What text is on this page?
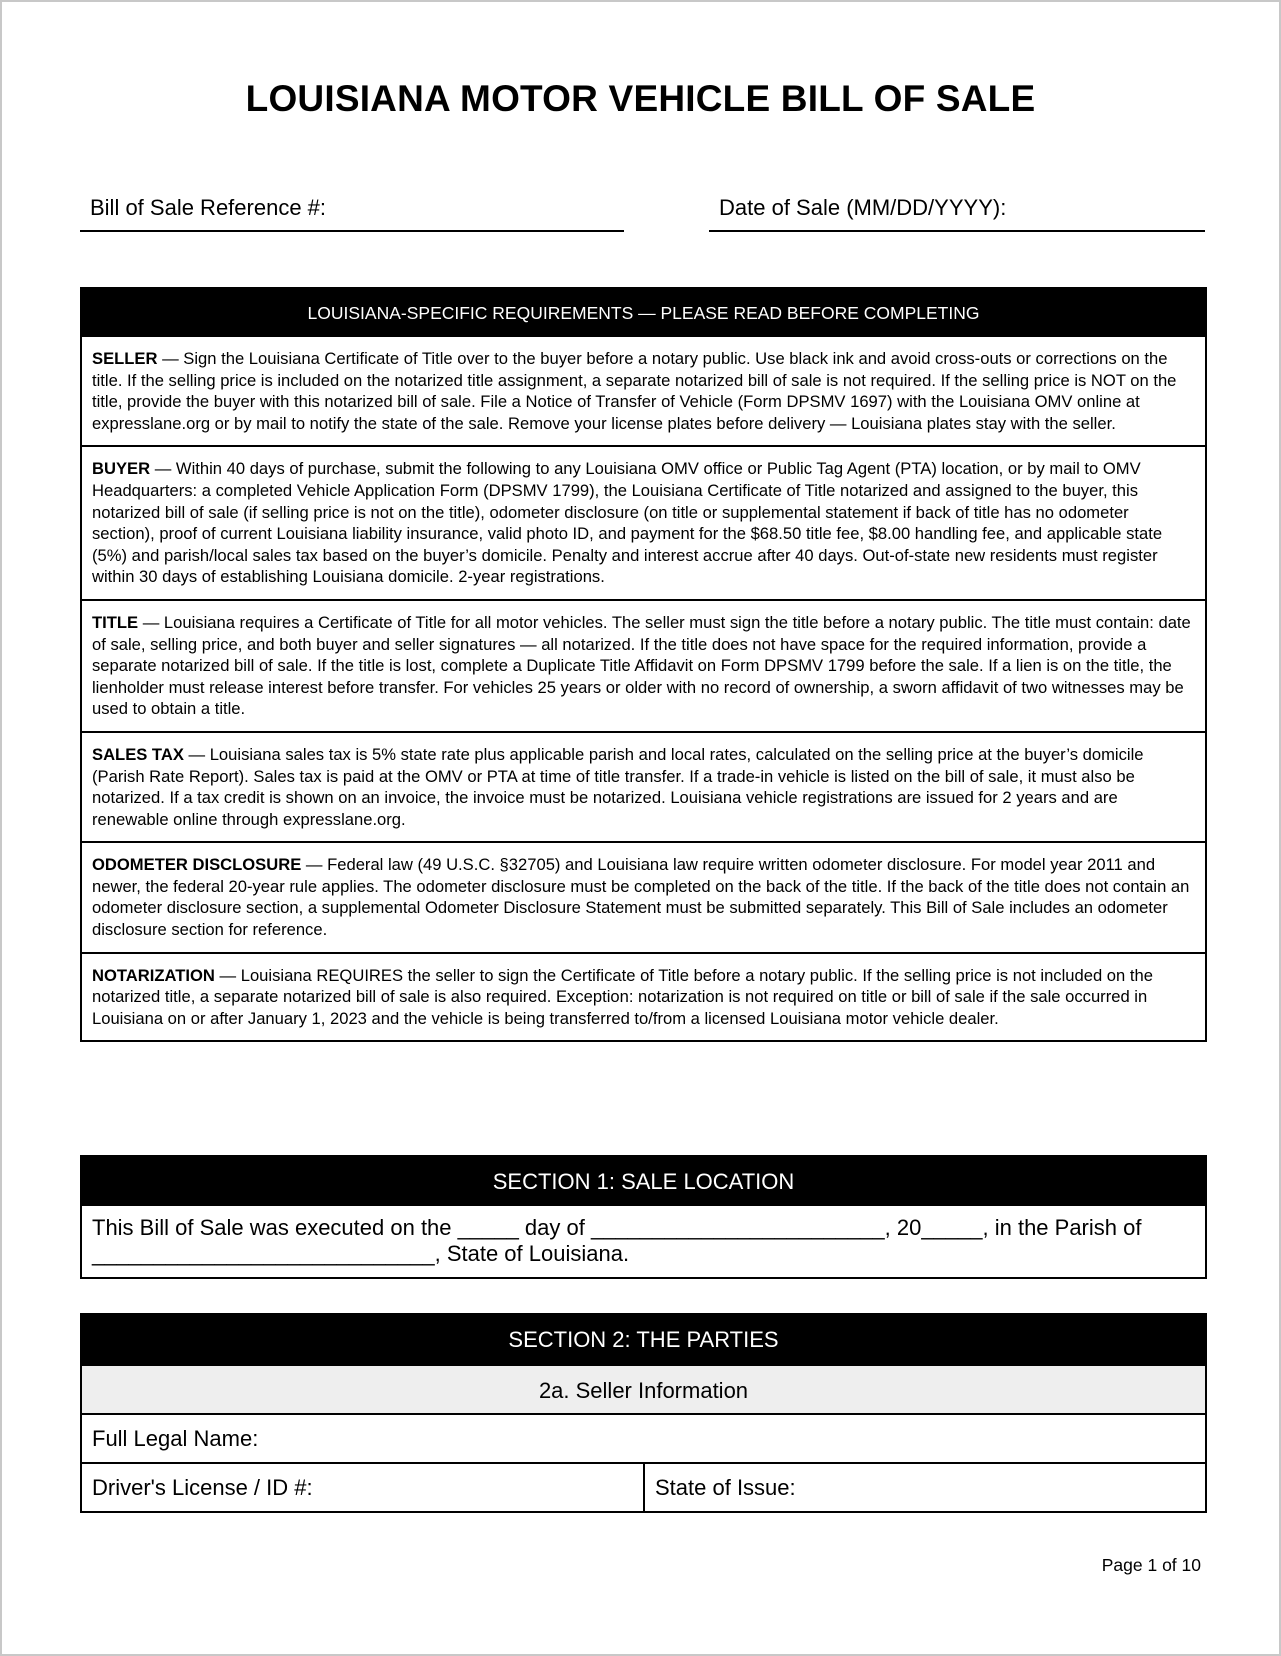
LOUISIANA MOTOR VEHICLE BILL OF SALE
Bill of Sale Reference #:	Date of Sale (MM/DD/YYYY):
LOUISIANA-SPECIFIC REQUIREMENTS — PLEASE READ BEFORE COMPLETING
SELLER — Sign the Louisiana Certificate of Title over to the buyer before a notary public. Use black ink and avoid cross-outs or corrections on the title. If the selling price is included on the notarized title assignment, a separate notarized bill of sale is not required. If the selling price is NOT on the title, provide the buyer with this notarized bill of sale. File a Notice of Transfer of Vehicle (Form DPSMV 1697) with the Louisiana OMV online at expresslane.org or by mail to notify the state of the sale. Remove your license plates before delivery — Louisiana plates stay with the seller.
BUYER — Within 40 days of purchase, submit the following to any Louisiana OMV office or Public Tag Agent (PTA) location, or by mail to OMV Headquarters: a completed Vehicle Application Form (DPSMV 1799), the Louisiana Certificate of Title notarized and assigned to the buyer, this notarized bill of sale (if selling price is not on the title), odometer disclosure (on title or supplemental statement if back of title has no odometer section), proof of current Louisiana liability insurance, valid photo ID, and payment for the $68.50 title fee, $8.00 handling fee, and applicable state (5%) and parish/local sales tax based on the buyer’s domicile. Penalty and interest accrue after 40 days. Out-of-state new residents must register within 30 days of establishing Louisiana domicile. 2-year registrations.
TITLE — Louisiana requires a Certificate of Title for all motor vehicles. The seller must sign the title before a notary public. The title must contain: date of sale, selling price, and both buyer and seller signatures — all notarized. If the title does not have space for the required information, provide a separate notarized bill of sale. If the title is lost, complete a Duplicate Title Affidavit on Form DPSMV 1799 before the sale. If a lien is on the title, the lienholder must release interest before transfer. For vehicles 25 years or older with no record of ownership, a sworn affidavit of two witnesses may be used to obtain a title.
SALES TAX — Louisiana sales tax is 5% state rate plus applicable parish and local rates, calculated on the selling price at the buyer’s domicile (Parish Rate Report). Sales tax is paid at the OMV or PTA at time of title transfer. If a trade-in vehicle is listed on the bill of sale, it must also be notarized. If a tax credit is shown on an invoice, the invoice must be notarized. Louisiana vehicle registrations are issued for 2 years and are renewable online through expresslane.org.
ODOMETER DISCLOSURE — Federal law (49 U.S.C. §32705) and Louisiana law require written odometer disclosure. For model year 2011 and newer, the federal 20-year rule applies. The odometer disclosure must be completed on the back of the title. If the back of the title does not contain an odometer disclosure section, a supplemental Odometer Disclosure Statement must be submitted separately. This Bill of Sale includes an odometer disclosure section for reference.
NOTARIZATION — Louisiana REQUIRES the seller to sign the Certificate of Title before a notary public. If the selling price is not included on the notarized title, a separate notarized bill of sale is also required. Exception: notarization is not required on title or bill of sale if the sale occurred in Louisiana on or after January 1, 2023 and the vehicle is being transferred to/from a licensed Louisiana motor vehicle dealer.
SECTION 1: SALE LOCATION
This Bill of Sale was executed on the _____ day of ________________________, 20_____, in the Parish of ____________________________, State of Louisiana.
SECTION 2: THE PARTIES
2a. Seller Information
Full Legal Name:
Driver's License / ID #:	State of Issue:
Page 1 of 10
